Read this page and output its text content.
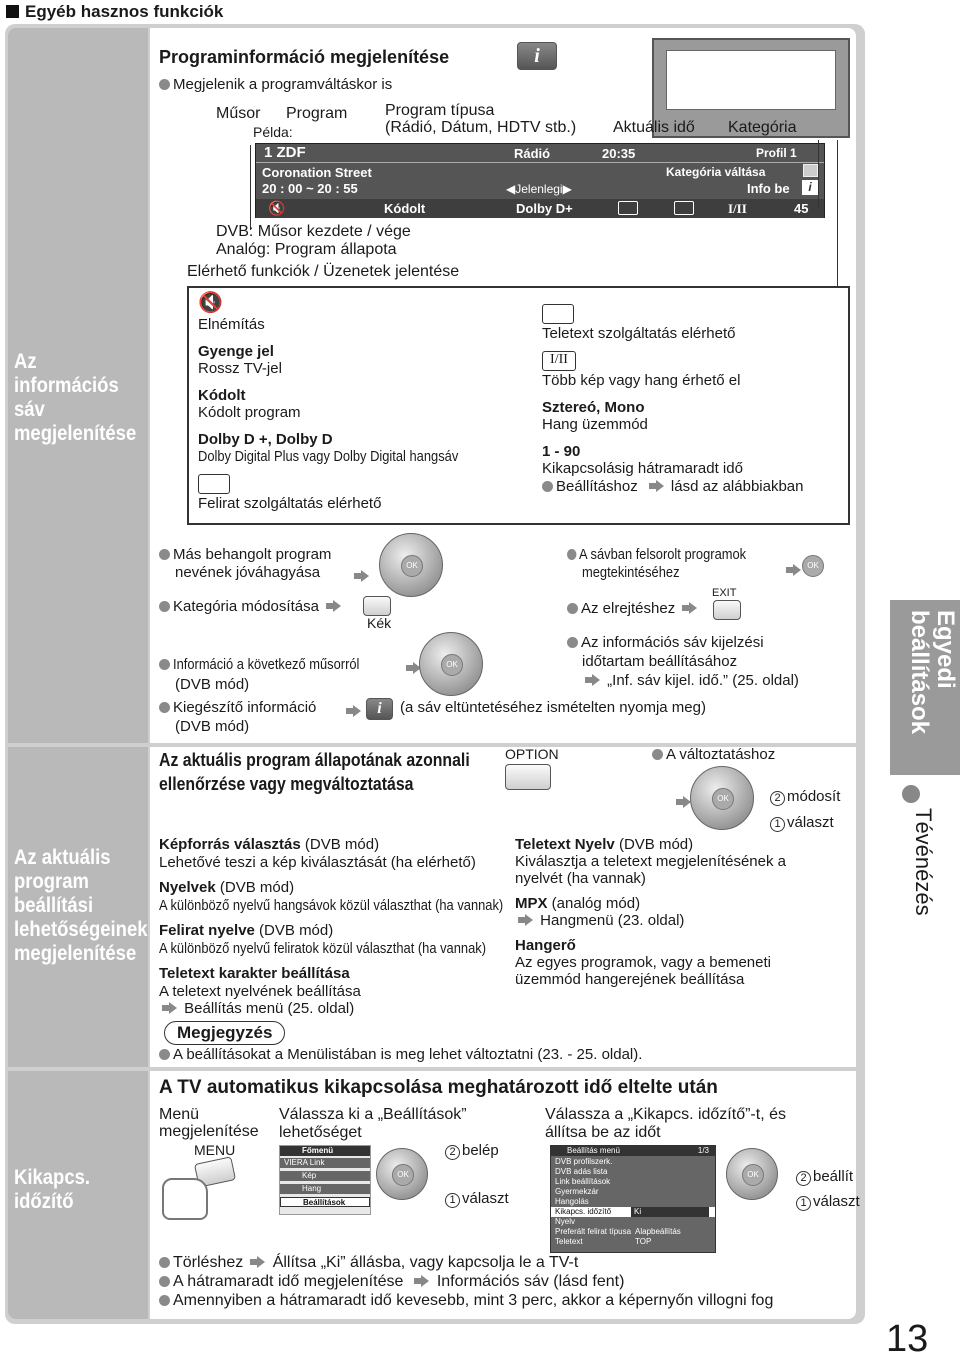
Egyéb hasznos funkciók
Az információs sáv megjelenítése
Az aktuális program beállítási lehetőségeinek megjelenítése
Kikapcs. időzítő
Programinformáció megjelenítése	i
Megjelenik a programváltáskor is
Műsor Program
Példa:
Program típusa
(Rádió, Dátum, HDTV stb.) Aktuális idő Kategória
1 ZDF	Rádió	20:35	Profil 1
Coronation Street	Kategória váltása
20 : 00 ~ 20 : 55	◀Jelenlegi▶	Info be	i
🔇	Kódolt	Dolby D+	I/II	45
DVB: Műsor kezdete / vége
Analóg: Program állapota
Elérhető funkciók / Üzenetek jelentése
🔇
Elnémítás
Gyenge jel
Rossz TV-jel
Kódolt
Kódolt program
Dolby D +, Dolby D
Dolby Digital Plus vagy Dolby Digital hangsáv
Felirat szolgáltatás elérhető
Teletext szolgáltatás elérhető
I/II
Több kép vagy hang érhető el
Sztereó, Mono
Hang üzemmód
1 - 90
Kikapcsolásig hátramaradt idő
Beállításhoz lásd az alábbiakban
Más behangolt program
nevének jóváhagyása	OK
Kategória módosítása
Kék
Információ a következő műsorról
(DVB mód)
OK
Kiegészítő információ
(DVB mód)
i	(a sáv eltüntetéséhez ismételten nyomja meg)
A sávban felsorolt programok
megtekintéséhez	OK
EXIT
Az elrejtéshez
Az információs sáv kijelzési
időtartam beállításához
„Inf. sáv kijel. idő.” (25. oldal)
Az aktuális program állapotának azonnali
ellenőrzése vagy megváltoztatása
OPTION	A változtatáshoz
OK	2 módosít
1 választ
Képforrás választás (DVB mód)
Lehetővé teszi a kép kiválasztását (ha elérhető)
Nyelvek (DVB mód)
A különböző nyelvű hangsávok közül választhat (ha vannak)
Felirat nyelve (DVB mód)
A különböző nyelvű feliratok közül választhat (ha vannak)
Teletext karakter beállítása
A teletext nyelvének beállítása
Beállítás menü (25. oldal)
Teletext Nyelv (DVB mód)
Kiválasztja a teletext megjelenítésének a
nyelvét (ha vannak)
MPX (analóg mód)
Hangmenü (23. oldal)
Hangerő
Az egyes programok, vagy a bemeneti
üzemmód hangerejének beállítása
Megjegyzés
A beállításokat a Menülistában is meg lehet változtatni (23. - 25. oldal).
A TV automatikus kikapcsolása meghatározott idő eltelte után
Menü
megjelenítése
MENU
Válassza ki a „Beállítások”
lehetőséget
Főmenü
VIERA Link
Kép
Hang
Beállítások
OK
2 belép
1 választ
Válassza a „Kikapcs. időzítő”-t, és
állítsa be az időt
Beállítás menü	1/3
DVB profilszerk.
DVB adás lista
Link beállítások
Gyermekzár
Hangolás
Kikapcs. időzítő	Ki
Nyelv
Preferált felirat típusa Alapbeállítás
Teletext	TOP
OK	2 beállít
1 választ
Törléshez Állítsa „Ki” állásba, vagy kapcsolja le a TV-t
A hátramaradt idő megjelenítése Információs sáv (lásd fent)
Amennyiben a hátramaradt idő kevesebb, mint 3 perc, akkor a képernyőn villogni fog
Egyedi beállítások
Tévénézés
13
